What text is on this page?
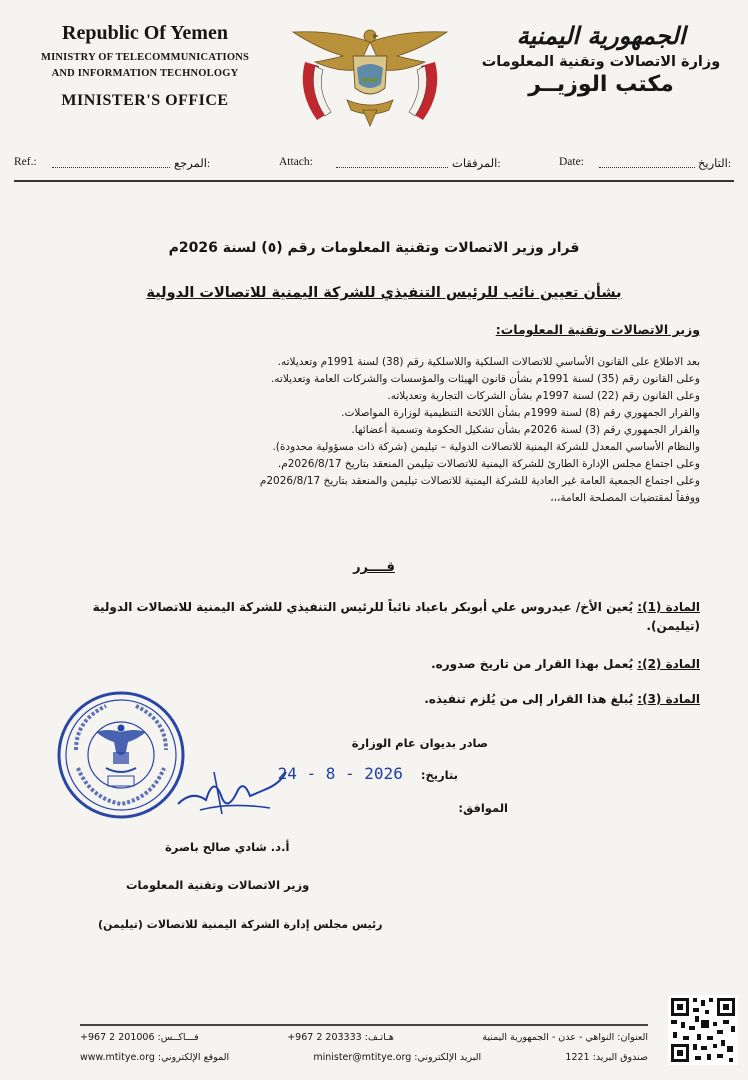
Republic Of Yemen
MINISTRY OF TELECOMMUNICATIONS
AND INFORMATION TECHNOLOGY
MINISTER'S OFFICE
الجمهورية اليمنية
وزارة الاتصالات وتقنية المعلومات
مكتب الوزيــر
Ref.:	المرجع:	Attach:	المرفقات:	Date:	التاريخ:
قرار وزير الاتصالات وتقنية المعلومات رقم (٥) لسنة 2026م
بشأن تعيين نائب للرئيس التنفيذي للشركة اليمنية للاتصالات الدولية
وزير الاتصالات وتقنية المعلومات:
بعد الاطلاع على القانون الأساسي للاتصالات السلكية واللاسلكية رقم (38) لسنة 1991م وتعديلاته.
وعلى القانون رقم (35) لسنة 1991م بشأن قانون الهيئات والمؤسسات والشركات العامة وتعديلاته.
وعلى القانون رقم (22) لسنة 1997م بشأن الشركات التجارية وتعديلاته.
والقرار الجمهوري رقم (8) لسنة 1999م بشأن اللائحة التنظيمية لوزارة المواصلات.
والقرار الجمهوري رقم (3) لسنة 2026م بشأن تشكيل الحكومة وتسمية أعضائها.
والنظام الأساسي المعدل للشركة اليمنية للاتصالات الدولية – تيليمن (شركة ذات مسؤولية محدودة).
وعلى اجتماع مجلس الإدارة الطارئ للشركة اليمنية للاتصالات تيليمن المنعقد بتاريخ 2026/8/17م.
وعلى اجتماع الجمعية العامة غير العادية للشركة اليمنية للاتصالات تيليمن والمنعقد بتاريخ 2026/8/17م
ووفقاً لمقتضيات المصلحة العامة،،،
قــــرر
المادة (1): يُعين الأخ/ عيدروس علي أبوبكر باعباد نائباً للرئيس التنفيذي للشركة اليمنية للاتصالات الدولية (تيليمن).
المادة (2): يُعمل بهذا القرار من تاريخ صدوره.
المادة (3): يُبلغ هذا القرار إلى من يُلزم تنفيذه.
صادر بديوان عام الوزارة
بتاريخ: 24 - 8 - 2026
الموافق:
أ.د. شادي صالح باصرة
وزير الاتصالات وتقنية المعلومات
رئيس مجلس إدارة الشركة اليمنية للاتصالات (تيليمن)
العنوان: النواهي - عدن - الجمهورية اليمنية
هـاتـف: 203333 2 967+
فـــاكــس: 201006 2 967+
صندوق البريد: 1221
البريد الإلكتروني: minister@mtitye.org
الموقع الإلكتروني: www.mtitye.org
